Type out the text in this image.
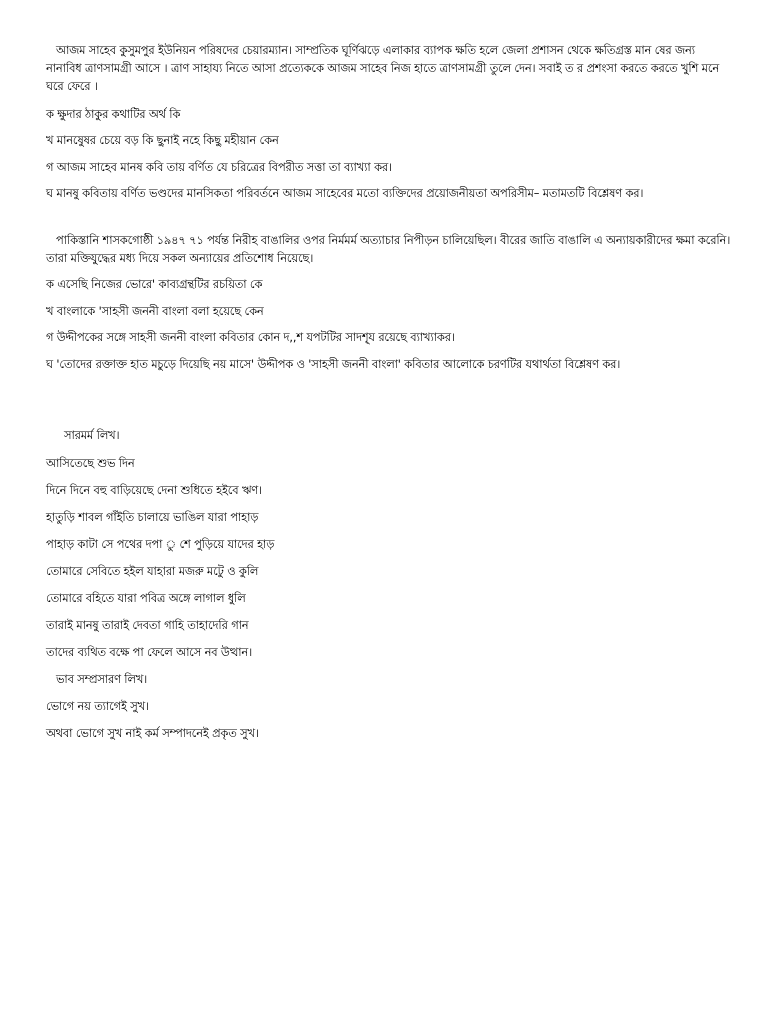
আজম সাহেব কুসুমপুর ইউনিয়ন পরিষদের চেয়ারম্যান। সাম্প্রতিক ঘূর্ণিঝড়ে এলাকার ব্যাপক ক্ষতি হলে জেলা প্রশাসন থেকে ক্ষতিগ্রস্ত মান ষের জন্য নানাবিধ ত্রাণসামগ্রী আসে । ত্রাণ সাহায্য নিতে আসা প্রত্যেককে আজম সাহেব নিজ হাতে ত্রাণসামগ্রী তুলে দেন। সবাই ত র প্রশংসা করতে করতে খুশি মনে ঘরে ফেরে ।

ক ক্ষুদার ঠাকুর কথাটির অর্থ কি

খ মানষুেষর চেয়ে বড় কি ছুনাই নহে কিছু মহীয়ান কেন

গ আজম সাহেব মানষ কবি তায় বর্ণিত যে চরিত্রের বিপরীত সত্তা তা ব্যাখ্যা কর।

ঘ মানষু কবিতায় বর্ণিত ভণ্ডদের মানসিকতা পরিবর্তনে আজম সাহেবের মতো ব্যক্তিদের প্রয়োজনীয়তা অপরিসীম– মতামতটি বিশ্লেষণ কর।

পাকিস্তানি শাসকগোষ্ঠী ১৯৪৭ ৭১ পর্যন্ত নিরীহ বাঙালির ওপর নির্মমর্ম অত্যাচার নিপীড়ন চালিয়েছিল। বীরের জাতি বাঙালি এ অন্যায়কারীদের ক্ষমা করেনি। তারা মক্তিযুদ্ধের মধ্য দিয়ে সকল অন্যায়ের প্রতিশোধ নিয়েছে।

ক এসেছি নিজের ভোরে' কাব্যগ্রন্থটির রচয়িতা কে

খ বাংলাকে 'সাহসী জননী বাংলা বলা হয়েছে কেন

গ উদ্দীপকের সঙ্গে সাহসী জননী বাংলা কবিতার কোন দ,,শ যপটটির সাদশৃ্য রয়েছে ব্যাখ্যাকর।

ঘ 'তোদের রক্তাক্ত হাত মচুড়ে দিয়েছি নয় মাসে' উদ্দীপক ও 'সাহসী জননী বাংলা' কবিতার আলোকে চরণটির যথার্থতা বিশ্লেষণ কর।

সারমর্ম লিখ।

আসিতেছে শুভ দিন

দিনে দিনে বহু বাড়িয়েছে দেনা শুধিতে হইবে ঋণ।

হাতুড়ি শাবল গাঁইতি চালায়ে ভাঙিল যারা পাহাড়

পাহাড় কাটা সে পথের দপা ু শে পুড়িয়ে যাদের হাড়

তোমারে সেবিতে হইল যাহারা মজরু মটেু ও কুলি

তোমারে বহিতে যারা পবিত্র অঙ্গে লাগাল ধুলি

তারাই মানষু তারাই দেবতা গাহি তাহাদেরি গান

তাদের ব্যথিত বক্ষে পা ফেলে আসে নব উত্থান।

ভাব সম্প্রসারণ লিখ।

ভোগে নয় ত্যাগেই সুখ।

অথবা ভোগে সুখ নাই কর্ম সম্পাদনেই প্রকৃত সুখ।
